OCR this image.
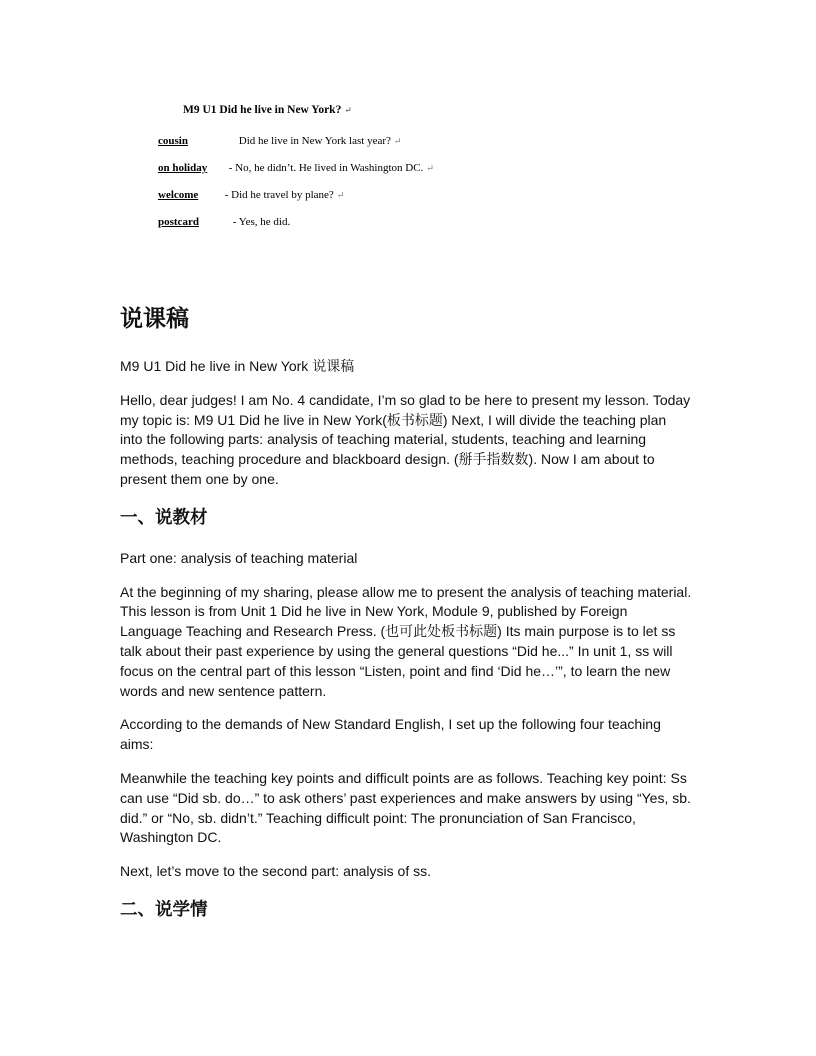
M9 U1 Did he live in New York? ↵
cousin	Did he live in New York last year? ↵
on holiday - No, he didn’t. He lived in Washington DC. ↵
welcome - Did he travel by plane? ↵
postcard	- Yes, he did.
说课稿

M9 U1 Did he live in New York 说课稿

Hello, dear judges! I am No. 4 candidate, I’m so glad to be here to present my lesson. Today my topic is: M9 U1 Did he live in New York(板书标题) Next, I will divide the teaching plan into the following parts: analysis of teaching material, students, teaching and learning methods, teaching procedure and blackboard design. (掰手指数数). Now I am about to present them one by one.

一、说教材

Part one: analysis of teaching material

At the beginning of my sharing, please allow me to present the analysis of teaching material. This lesson is from Unit 1 Did he live in New York, Module 9, published by Foreign Language Teaching and Research Press. (也可此处板书标题) Its main purpose is to let ss talk about their past experience by using the general questions “Did he...” In unit 1, ss will focus on the central part of this lesson “Listen, point and find ‘Did he…’”, to learn the new words and new sentence pattern.

According to the demands of New Standard English, I set up the following four teaching aims:

Meanwhile the teaching key points and difficult points are as follows. Teaching key point: Ss can use “Did sb. do…” to ask others’ past experiences and make answers by using “Yes, sb. did.” or “No, sb. didn’t.” Teaching difficult point: The pronunciation of San Francisco, Washington DC.

Next, let’s move to the second part: analysis of ss.

二、说学情
